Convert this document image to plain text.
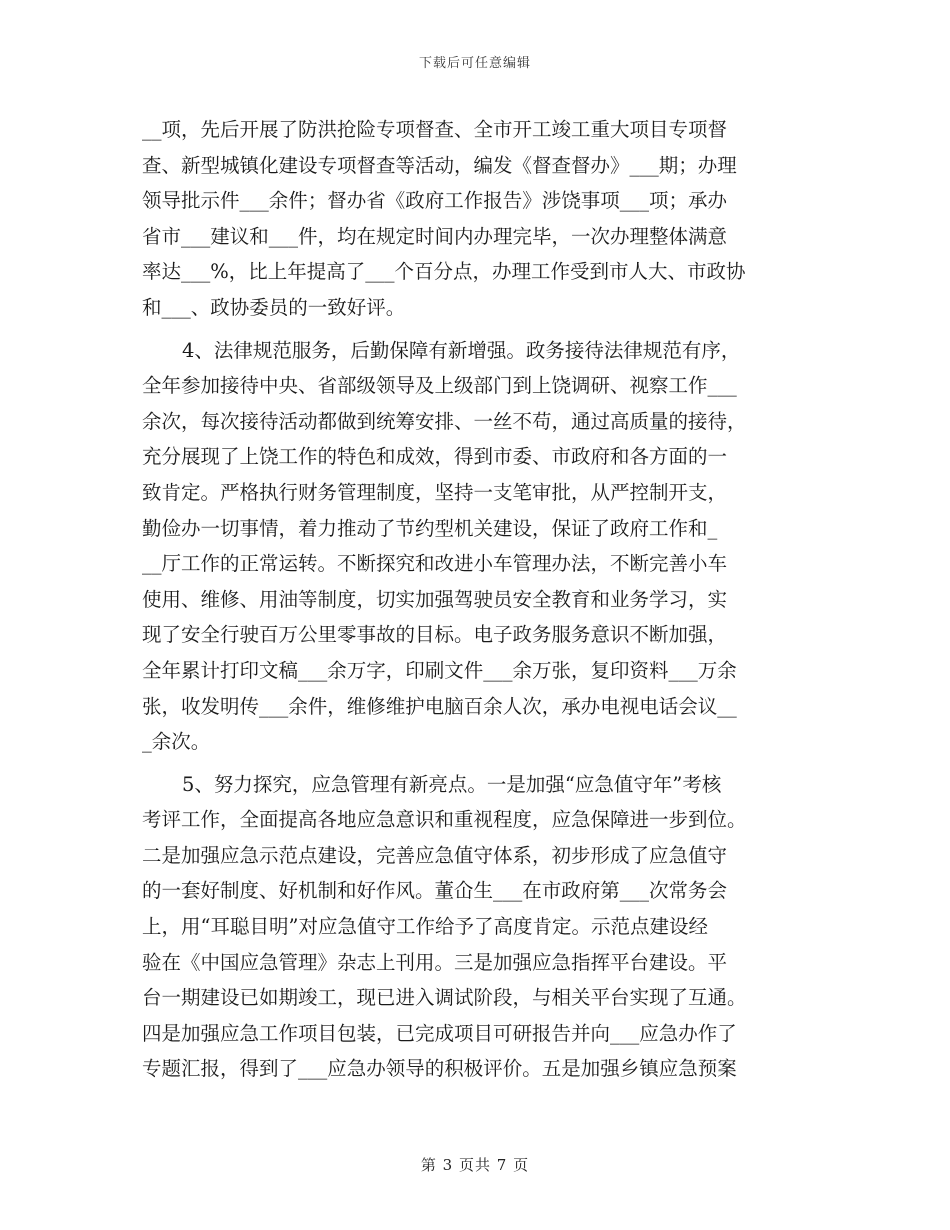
下载后可任意编辑
__项，先后开展了防洪抢险专项督查、全市开工竣工重大项目专项督
查、新型城镇化建设专项督查等活动，编发《督查督办》___期；办理
领导批示件___余件；督办省《政府工作报告》涉饶事项___项；承办
省市___建议和___件，均在规定时间内办理完毕，一次办理整体满意
率达___%，比上年提高了___个百分点，办理工作受到市人大、市政协
和___、政协委员的一致好评。
4、法律规范服务，后勤保障有新增强。政务接待法律规范有序，
全年参加接待中央、省部级领导及上级部门到上饶调研、视察工作___
余次，每次接待活动都做到统筹安排、一丝不苟，通过高质量的接待，
充分展现了上饶工作的特色和成效，得到市委、市政府和各方面的一
致肯定。严格执行财务管理制度，坚持一支笔审批，从严控制开支，
勤俭办一切事情，着力推动了节约型机关建设，保证了政府工作和_
__厅工作的正常运转。不断探究和改进小车管理办法，不断完善小车
使用、维修、用油等制度，切实加强驾驶员安全教育和业务学习，实
现了安全行驶百万公里零事故的目标。电子政务服务意识不断加强，
全年累计打印文稿___余万字，印刷文件___余万张，复印资料___万余
张，收发明传___余件，维修维护电脑百余人次，承办电视电话会议__
_余次。
5、努力探究，应急管理有新亮点。一是加强“应急值守年”考核
考评工作，全面提高各地应急意识和重视程度，应急保障进一步到位。
二是加强应急示范点建设，完善应急值守体系，初步形成了应急值守
的一套好制度、好机制和好作风。董仚生___在市政府第___次常务会
上，用“耳聪目明”对应急值守工作给予了高度肯定。示范点建设经
验在《中国应急管理》杂志上刊用。三是加强应急指挥平台建设。平
台一期建设已如期竣工，现已进入调试阶段，与相关平台实现了互通。
四是加强应急工作项目包装，已完成项目可研报告并向___应急办作了
专题汇报，得到了___应急办领导的积极评价。五是加强乡镇应急预案
第 3 页共 7 页
